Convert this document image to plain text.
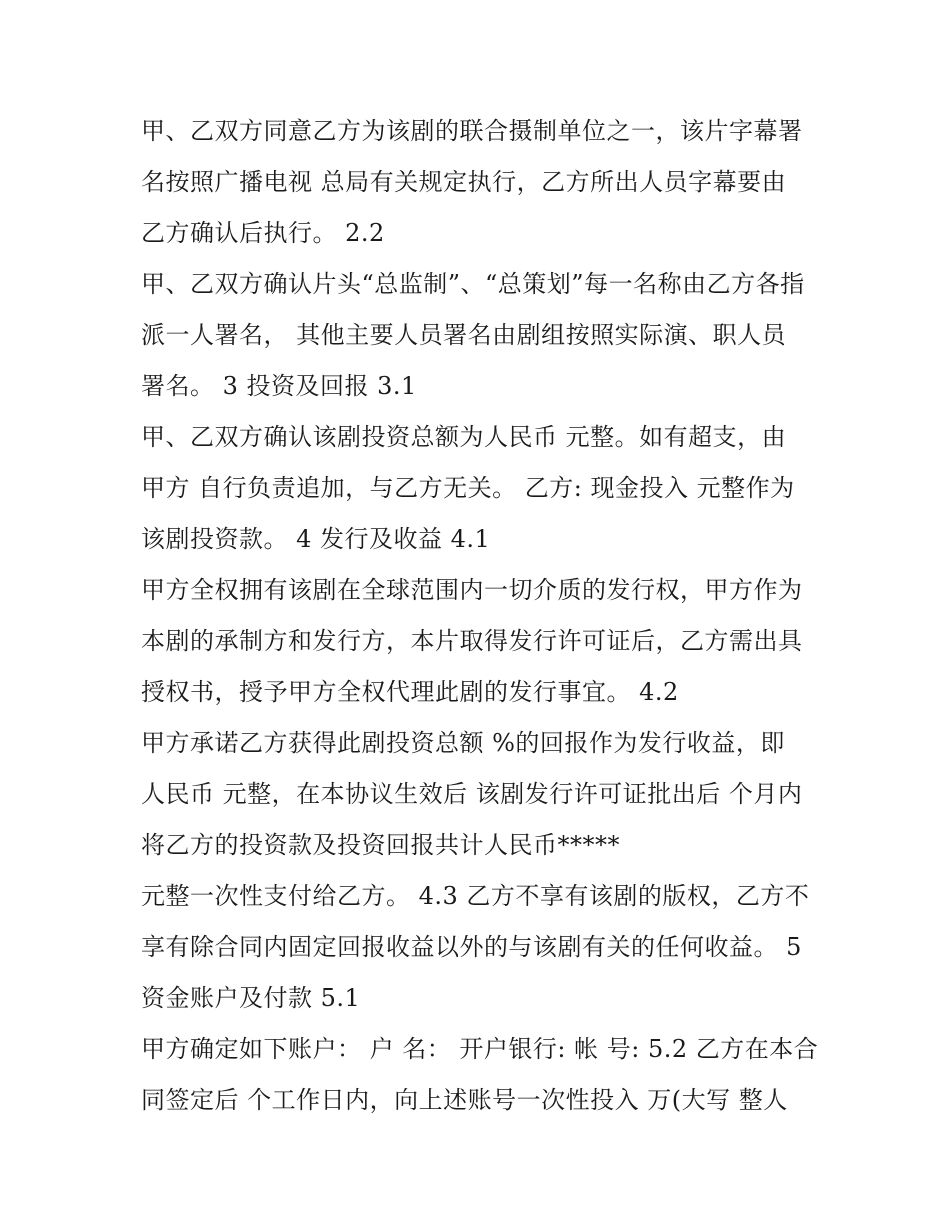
甲、乙双方同意乙方为该剧的联合摄制单位之一，该片字幕署
名按照广播电视 总局有关规定执行，乙方所出人员字幕要由
乙方确认后执行。 2.2
甲、乙双方确认片头“总监制”、“总策划”每一名称由乙方各指
派一人署名， 其他主要人员署名由剧组按照实际演、职人员
署名。 3 投资及回报 3.1
甲、乙双方确认该剧投资总额为人民币 元整。如有超支，由
甲方 自行负责追加，与乙方无关。 乙方: 现金投入 元整作为
该剧投资款。 4 发行及收益 4.1
甲方全权拥有该剧在全球范围内一切介质的发行权，甲方作为
本剧的承制方和发行方，本片取得发行许可证后，乙方需出具
授权书，授予甲方全权代理此剧的发行事宜。 4.2
甲方承诺乙方获得此剧投资总额 %的回报作为发行收益，即
人民币 元整，在本协议生效后 该剧发行许可证批出后 个月内
将乙方的投资款及投资回报共计人民币*****
元整一次性支付给乙方。 4.3 乙方不享有该剧的版权，乙方不
享有除合同内固定回报收益以外的与该剧有关的任何收益。 5
资金账户及付款 5.1
甲方确定如下账户： 户 名： 开户银行: 帐 号: 5.2 乙方在本合
同签定后 个工作日内，向上述账号一次性投入 万(大写 整人
